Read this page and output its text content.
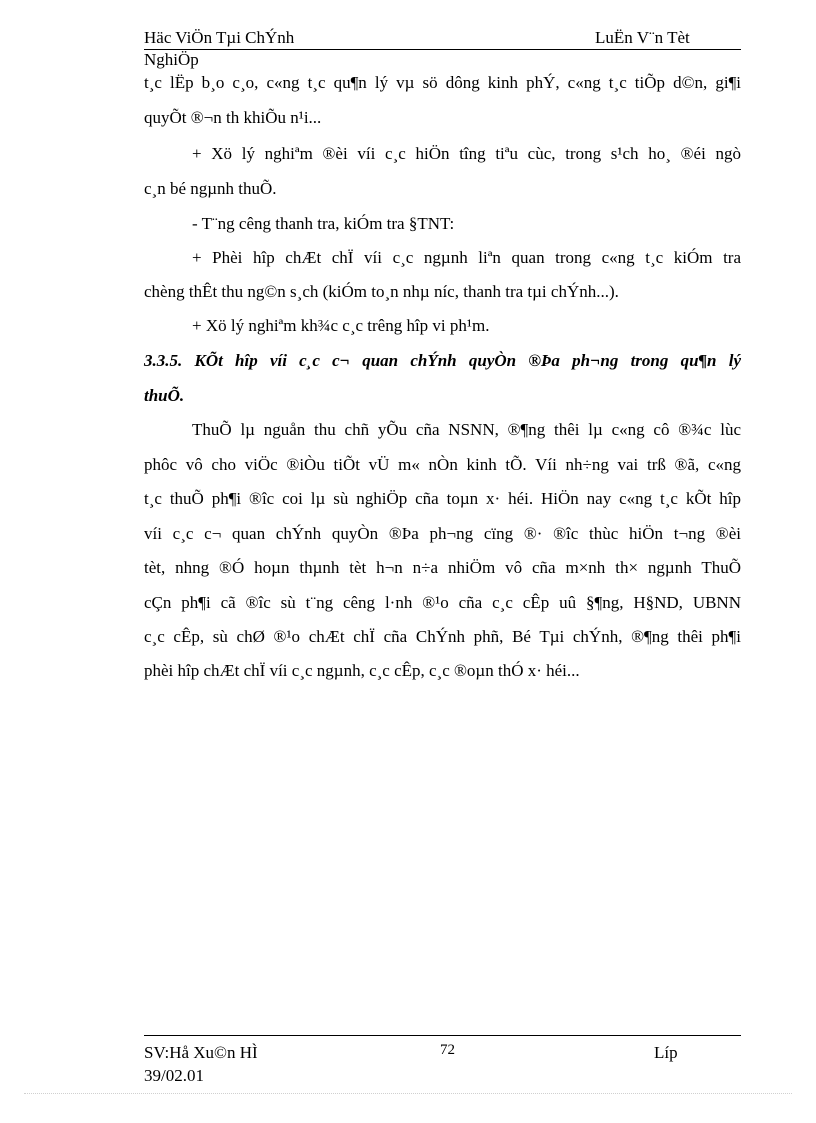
Häc ViÖn Tµi ChÝnh	LuËn V¨n Tèt
NghiÖp
t¸c lËp b¸o c¸o, c«ng t¸c qu¶n lý vµ sö dông kinh phÝ, c«ng t¸c tiÕp d©n, gi¶i
quyÕt ®¬n th khiÕu n¹i...
+ Xö lý nghiªm ®èi víi c¸c hiÖn tîng tiªu cùc, trong s¹ch ho¸ ®éi ngò
c¸n bé ngµnh thuÕ.
- T¨ng cêng thanh tra, kiÓm tra §TNT:
+ Phèi hîp chÆt chÏ víi c¸c ngµnh liªn quan trong c«ng t¸c kiÓm tra
chèng thÊt thu ng©n s¸ch (kiÓm to¸n nhµ níc, thanh tra tµi chÝnh...).
+ Xö lý nghiªm kh¾c c¸c trêng hîp vi ph¹m.
3.3.5. KÕt hîp víi c¸c c¬ quan chÝnh quyÒn ®Þa ph¬ng trong qu¶n lý
thuÕ.
ThuÕ lµ nguån thu chñ yÕu cña NSNN, ®¶ng thêi lµ c«ng cô ®¾c lùc
phôc vô cho viÖc ®iÒu tiÕt vÜ m« nÒn kinh tÕ. Víi nh÷ng vai trß ®ã, c«ng
t¸c thuÕ ph¶i ®îc coi lµ sù nghiÖp cña toµn x· héi. HiÖn nay c«ng t¸c kÕt hîp
víi c¸c c¬ quan chÝnh quyÒn ®Þa ph¬ng cïng ®· ®îc thùc hiÖn t¬ng ®èi
tèt, nhng ®Ó hoµn thµnh tèt h¬n n÷a nhiÖm vô cña m×nh th× ngµnh ThuÕ
cÇn ph¶i cã ®îc sù t¨ng cêng l·nh ®¹o cña c¸c cÊp uû §¶ng, H§ND, UBNN
c¸c cÊp, sù chØ ®¹o chÆt chÏ cña ChÝnh phñ, Bé Tµi chÝnh, ®¶ng thêi ph¶i
phèi hîp chÆt chÏ víi c¸c ngµnh, c¸c cÊp, c¸c ®oµn thÓ x· héi...
SV:Hå Xu©n HÌ	72	Líp
39/02.01
